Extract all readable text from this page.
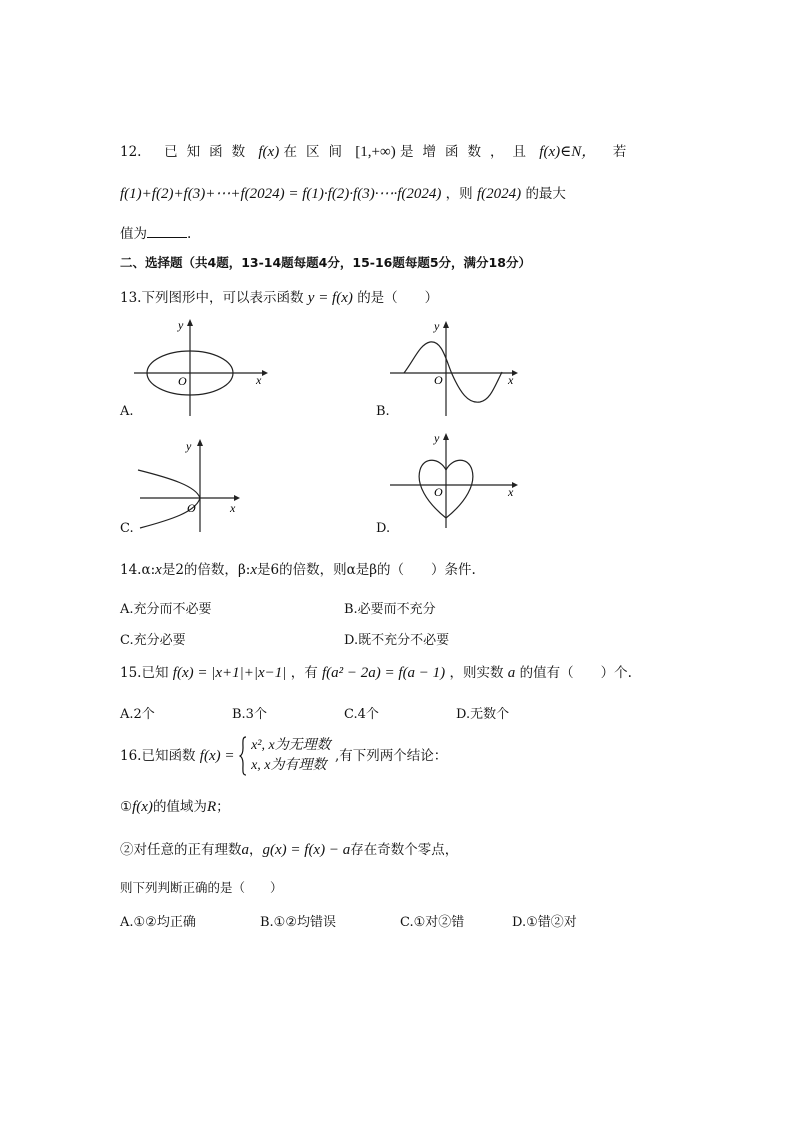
12. 已知函数 f(x) 在区间 [1,+∞) 是增函数，且 f(x)∈N， 若
f(1)+f(2)+f(3)+⋯+f(2024) = f(1)·f(2)·f(3)·⋯·f(2024) ，则 f(2024) 的最大
值为	.
二、选择题（共4题，13-14题每题4分，15-16题每题5分，满分18分）
13.下列图形中，可以表示函数 y = f(x) 的是（　　）
x
y
O
A.
x
y
O
B.
x
y
O
C.
x
y
O
D.
14.α:x是2的倍数，β:x是6的倍数，则α是β的（　　）条件.
A.充分而不必要	B.必要而不充分
C.充分必要	D.既不充分不必要
15.已知 f(x) = |x+1|+|x−1| ，有 f(a² − 2a) = f(a − 1) ，则实数 a 的值有（　　）个.
A.2个	B.3个	C.4个	D.无数个
16.已知函数 f(x) =
x², x为无理数
x, x为有理数
,有下列两个结论：
①f(x)的值域为R；
②对任意的正有理数a，g(x) = f(x) − a存在奇数个零点，
则下列判断正确的是（　　）
A.①②均正确	B.①②均错误	C.①对②错	D.①错②对
